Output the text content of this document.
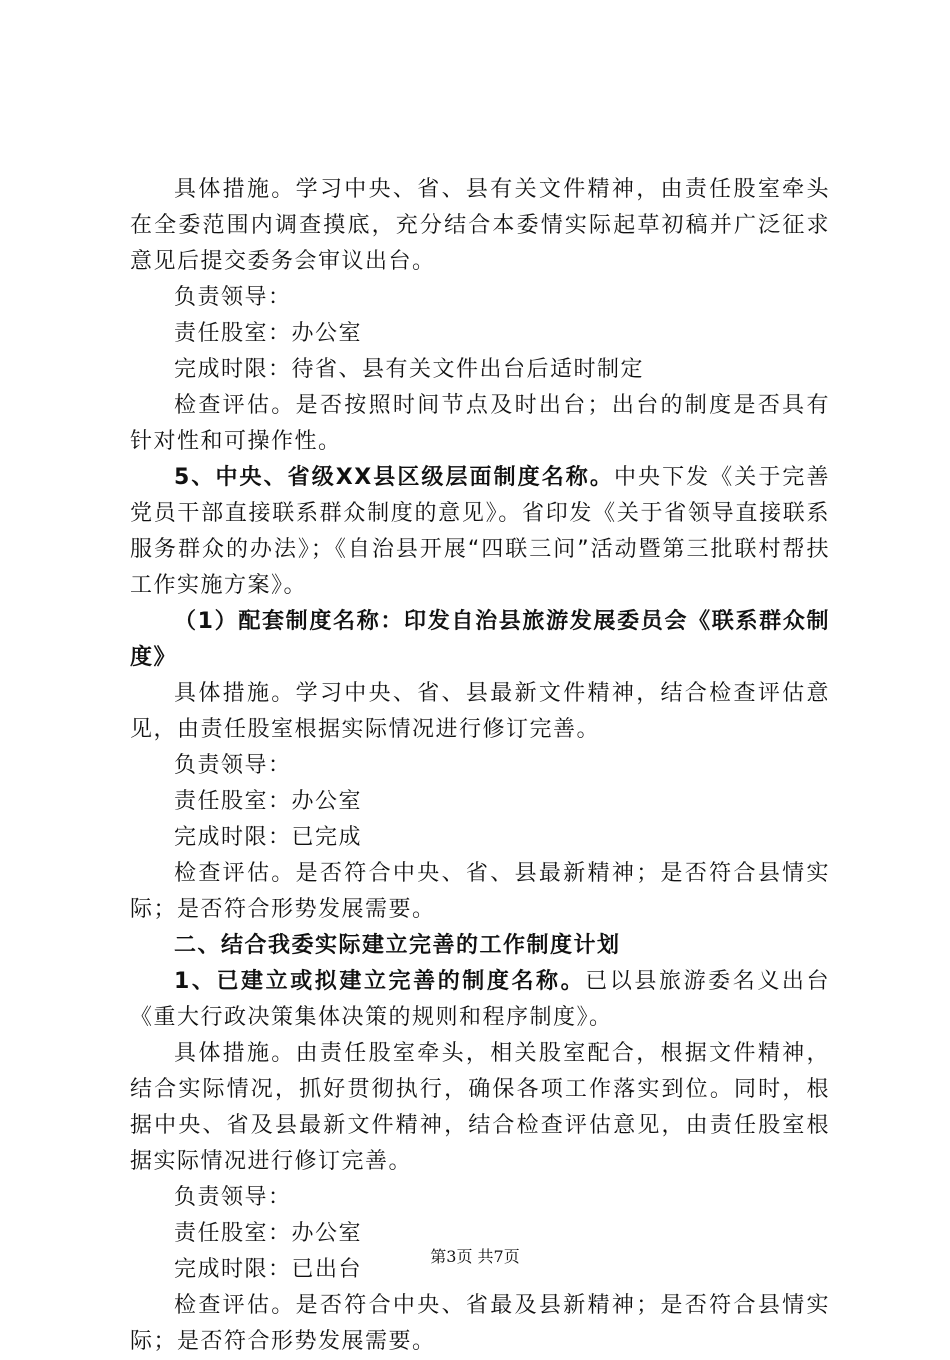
具体措施。学习中央、省、县有关文件精神，由责任股室牵头在全委范围内调查摸底，充分结合本委情实际起草初稿并广泛征求意见后提交委务会审议出台。

负责领导：

责任股室：办公室

完成时限：待省、县有关文件出台后适时制定

检查评估。是否按照时间节点及时出台；出台的制度是否具有针对性和可操作性。

5、中央、省级XX县区级层面制度名称。中央下发《关于完善党员干部直接联系群众制度的意见》。省印发《关于省领导直接联系服务群众的办法》；《自治县开展“四联三问”活动暨第三批联村帮扶工作实施方案》。

（1）配套制度名称：印发自治县旅游发展委员会《联系群众制度》

具体措施。学习中央、省、县最新文件精神，结合检查评估意见，由责任股室根据实际情况进行修订完善。

负责领导：

责任股室：办公室

完成时限：已完成

检查评估。是否符合中央、省、县最新精神；是否符合县情实际；是否符合形势发展需要。

二、结合我委实际建立完善的工作制度计划

1、已建立或拟建立完善的制度名称。已以县旅游委名义出台《重大行政决策集体决策的规则和程序制度》。

具体措施。由责任股室牵头，相关股室配合，根据文件精神，结合实际情况，抓好贯彻执行，确保各项工作落实到位。同时，根据中央、省及县最新文件精神，结合检查评估意见，由责任股室根据实际情况进行修订完善。

负责领导：

责任股室：办公室

完成时限：已出台

检查评估。是否符合中央、省最及县新精神；是否符合县情实际；是否符合形势发展需要。

第3页 共7页
